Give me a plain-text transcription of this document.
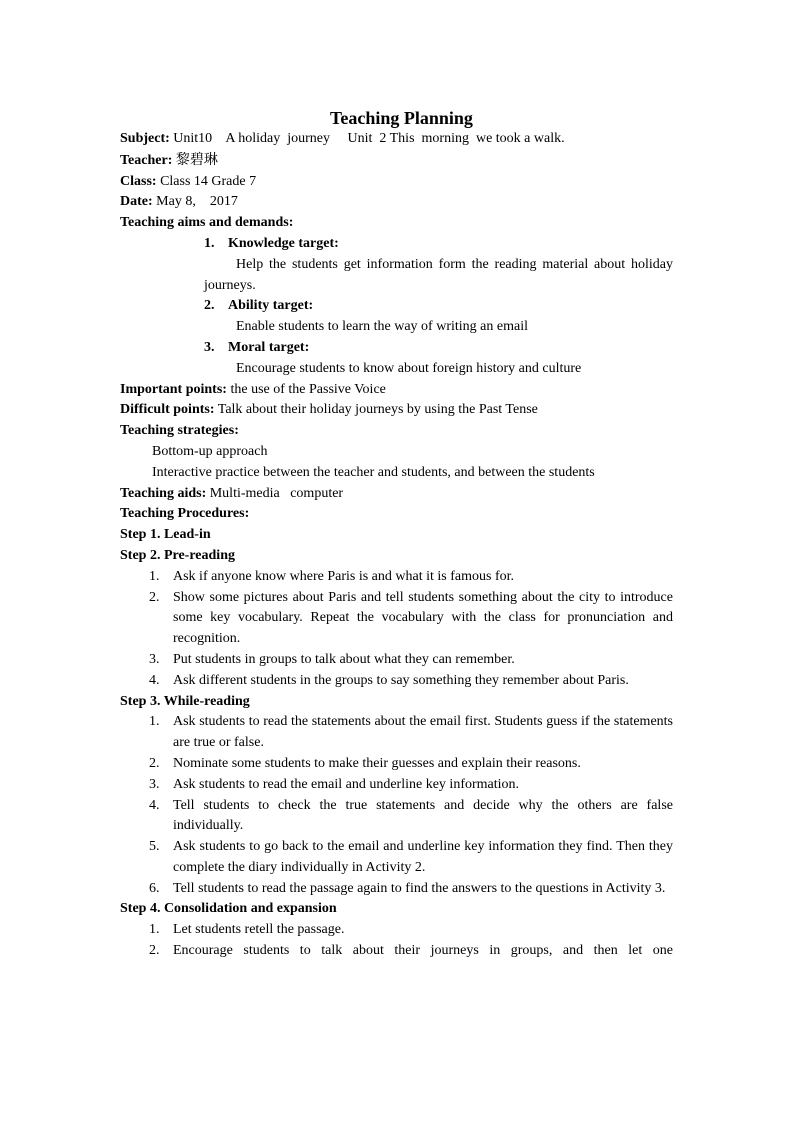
Teaching Planning
Subject: Unit10    A holiday  journey     Unit  2 This  morning  we took a walk.
Teacher: 黎碧琳
Class: Class 14 Grade 7
Date: May 8,    2017
Teaching aims and demands:
1. Knowledge target:
Help the students get information form the reading material about holiday journeys.
2. Ability target:
Enable students to learn the way of writing an email
3. Moral target:
Encourage students to know about foreign history and culture
Important points: the use of the Passive Voice
Difficult points: Talk about their holiday journeys by using the Past Tense
Teaching strategies:
Bottom-up approach
Interactive practice between the teacher and students, and between the students
Teaching aids: Multi-media   computer
Teaching Procedures:
Step 1. Lead-in
Step 2. Pre-reading
1. Ask if anyone know where Paris is and what it is famous for.
2. Show some pictures about Paris and tell students something about the city to introduce some key vocabulary. Repeat the vocabulary with the class for pronunciation and recognition.
3. Put students in groups to talk about what they can remember.
4. Ask different students in the groups to say something they remember about Paris.
Step 3. While-reading
1. Ask students to read the statements about the email first. Students guess if the statements are true or false.
2. Nominate some students to make their guesses and explain their reasons.
3. Ask students to read the email and underline key information.
4. Tell students to check the true statements and decide why the others are false individually.
5. Ask students to go back to the email and underline key information they find. Then they complete the diary individually in Activity 2.
6. Tell students to read the passage again to find the answers to the questions in Activity 3.
Step 4. Consolidation and expansion
1. Let students retell the passage.
2. Encourage students to talk about their journeys in groups, and then let one
